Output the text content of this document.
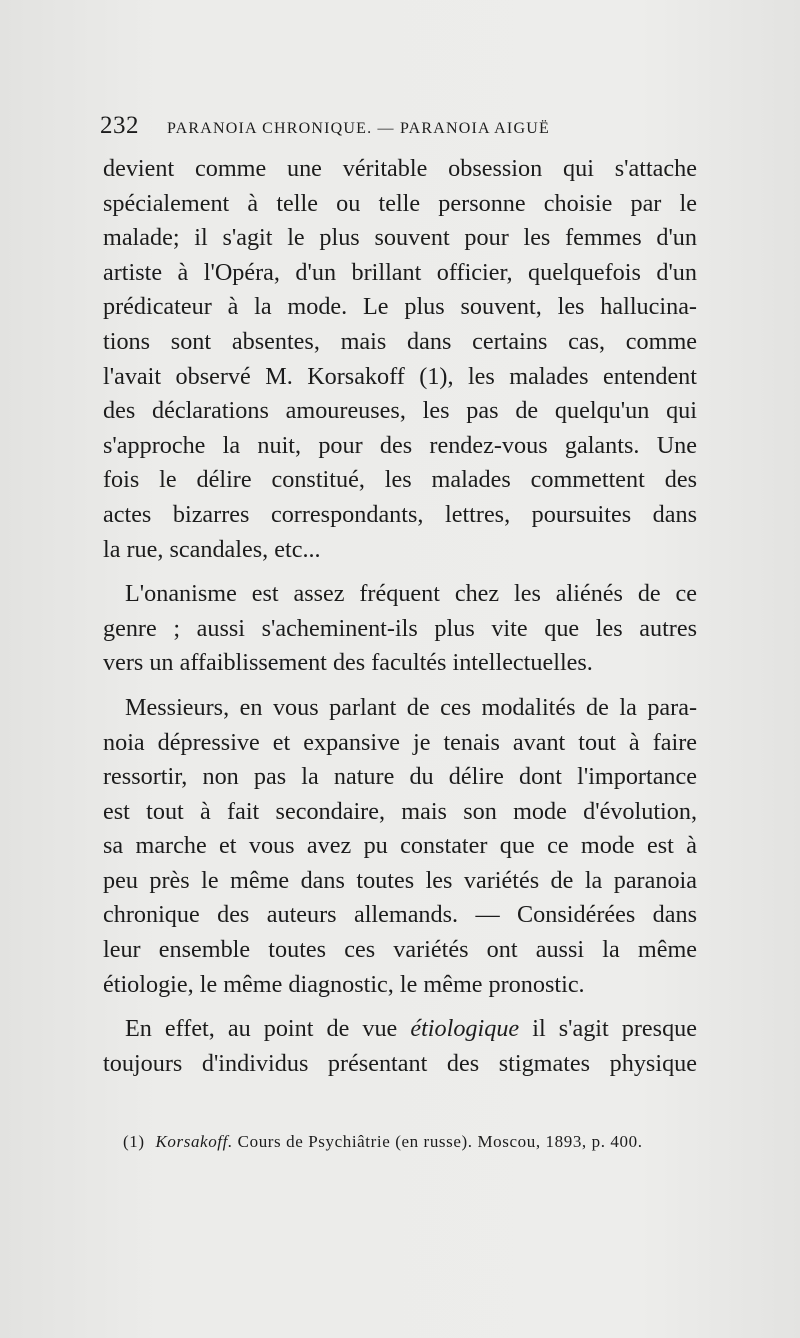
232 PARANOIA CHRONIQUE. — PARANOIA AIGUË
devient comme une véritable obsession qui s'attache
spécialement à telle ou telle personne choisie par le
malade; il s'agit le plus souvent pour les femmes d'un
artiste à l'Opéra, d'un brillant officier, quelquefois d'un
prédicateur à la mode. Le plus souvent, les hallucina-
tions sont absentes, mais dans certains cas, comme
l'avait observé M. Korsakoff (1), les malades entendent
des déclarations amoureuses, les pas de quelqu'un qui
s'approche la nuit, pour des rendez-vous galants. Une
fois le délire constitué, les malades commettent des
actes bizarres correspondants, lettres, poursuites dans
la rue, scandales, etc...
L'onanisme est assez fréquent chez les aliénés de ce
genre ; aussi s'acheminent-ils plus vite que les autres
vers un affaiblissement des facultés intellectuelles.
Messieurs, en vous parlant de ces modalités de la para-
noia dépressive et expansive je tenais avant tout à faire
ressortir, non pas la nature du délire dont l'importance
est tout à fait secondaire, mais son mode d'évolution,
sa marche et vous avez pu constater que ce mode est à
peu près le même dans toutes les variétés de la paranoia
chronique des auteurs allemands. — Considérées dans
leur ensemble toutes ces variétés ont aussi la même
étiologie, le même diagnostic, le même pronostic.
En effet, au point de vue étiologique il s'agit presque
toujours d'individus présentant des stigmates physique
(1) Korsakoff. Cours de Psychiâtrie (en russe). Moscou, 1893, p. 400.
